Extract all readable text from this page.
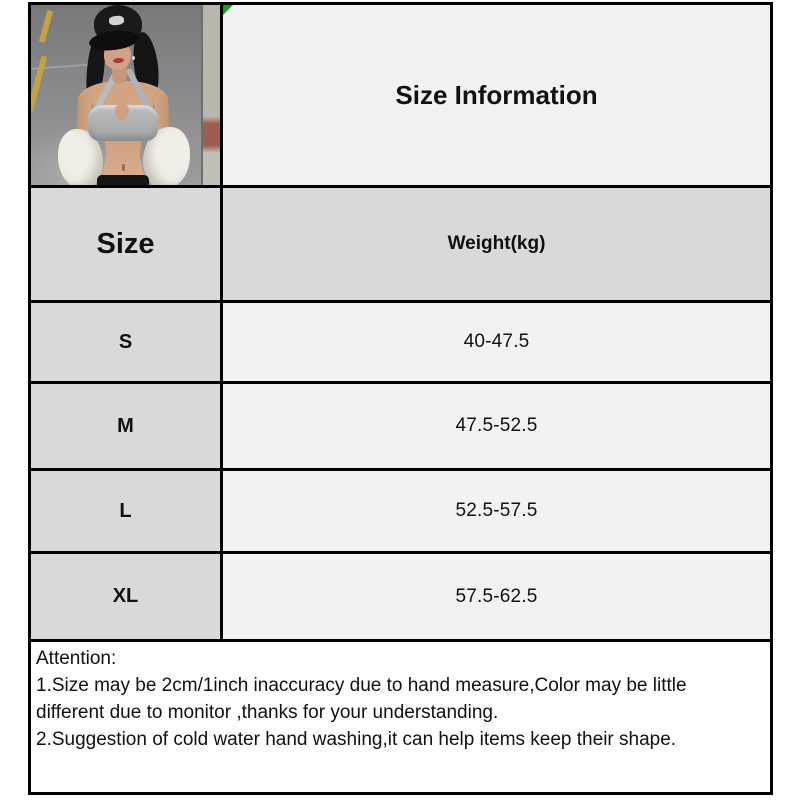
Size Information
Size	Weight(kg)
S	40-47.5
M	47.5-52.5
L	52.5-57.5
XL	57.5-62.5
Attention:
1.Size may be 2cm/1inch inaccuracy due to hand measure,Color may be little
different due to monitor ,thanks for your understanding.
2.Suggestion of cold water hand washing,it can help items keep their shape.
